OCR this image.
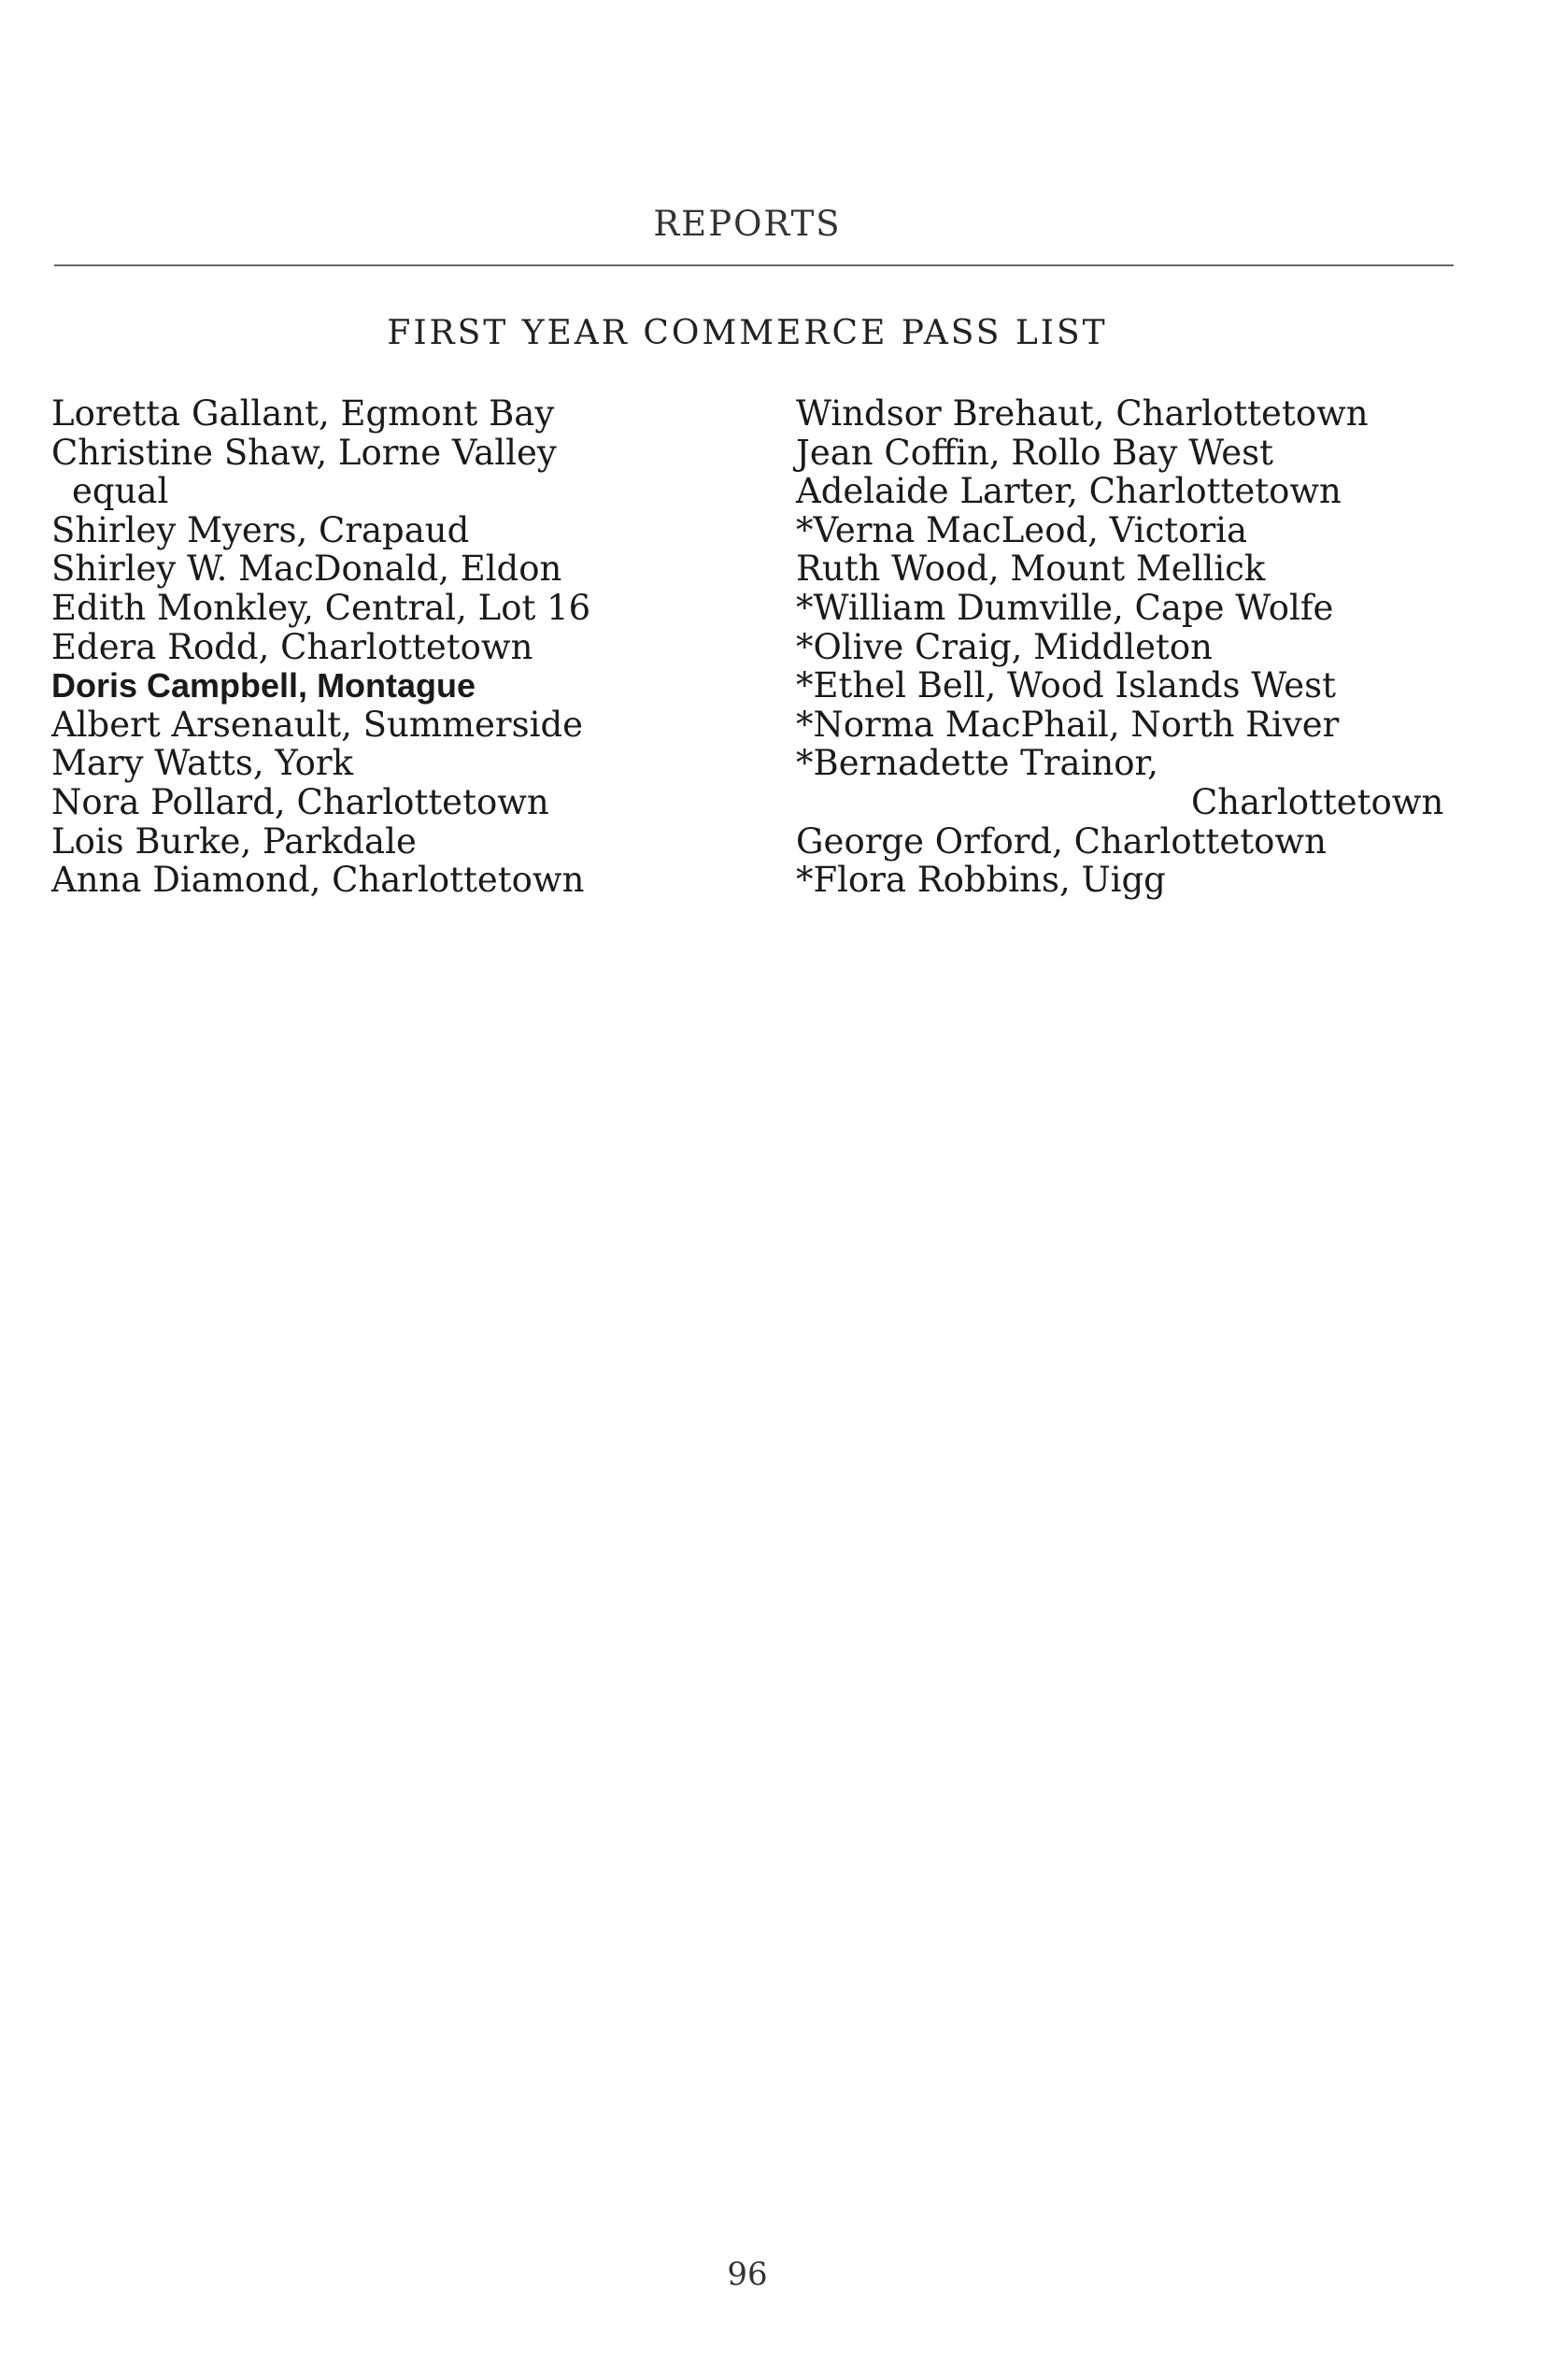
REPORTS
FIRST YEAR COMMERCE PASS LIST
Loretta Gallant, Egmont Bay
Christine Shaw, Lorne Valley
equal
Shirley Myers, Crapaud
Shirley W. MacDonald, Eldon
Edith Monkley, Central, Lot 16
Edera Rodd, Charlottetown
Doris Campbell, Montague
Albert Arsenault, Summerside
Mary Watts, York
Nora Pollard, Charlottetown
Lois Burke, Parkdale
Anna Diamond, Charlottetown
Windsor Brehaut, Charlottetown
Jean Coffin, Rollo Bay West
Adelaide Larter, Charlottetown
*Verna MacLeod, Victoria
Ruth Wood, Mount Mellick
*William Dumville, Cape Wolfe
*Olive Craig, Middleton
*Ethel Bell, Wood Islands West
*Norma MacPhail, North River
*Bernadette Trainor,
Charlottetown
George Orford, Charlottetown
*Flora Robbins, Uigg
96
